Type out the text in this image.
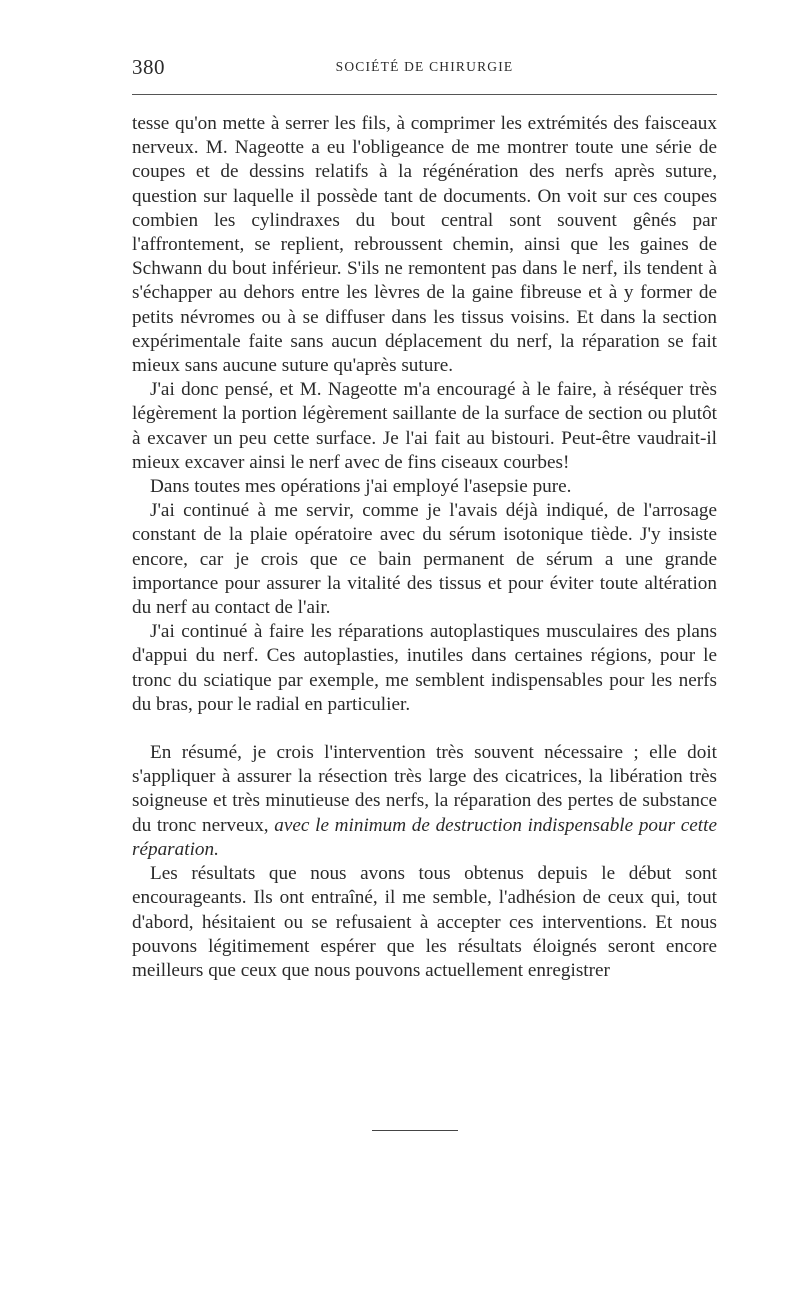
380	SOCIÉTÉ DE CHIRURGIE

tesse qu'on mette à serrer les fils, à comprimer les extrémités des faisceaux nerveux. M. Nageotte a eu l'obligeance de me montrer toute une série de coupes et de dessins relatifs à la régénération des nerfs après suture, question sur laquelle il possède tant de documents. On voit sur ces coupes combien les cylindraxes du bout central sont souvent gênés par l'affrontement, se replient, rebroussent chemin, ainsi que les gaines de Schwann du bout inférieur. S'ils ne remontent pas dans le nerf, ils tendent à s'échapper au dehors entre les lèvres de la gaine fibreuse et à y former de petits névromes ou à se diffuser dans les tissus voisins. Et dans la section expérimentale faite sans aucun déplacement du nerf, la réparation se fait mieux sans aucune suture qu'après suture.

J'ai donc pensé, et M. Nageotte m'a encouragé à le faire, à réséquer très légèrement la portion légèrement saillante de la surface de section ou plutôt à excaver un peu cette surface. Je l'ai fait au bistouri. Peut-être vaudrait-il mieux excaver ainsi le nerf avec de fins ciseaux courbes!

Dans toutes mes opérations j'ai employé l'asepsie pure.

J'ai continué à me servir, comme je l'avais déjà indiqué, de l'arrosage constant de la plaie opératoire avec du sérum isotonique tiède. J'y insiste encore, car je crois que ce bain permanent de sérum a une grande importance pour assurer la vitalité des tissus et pour éviter toute altération du nerf au contact de l'air.

J'ai continué à faire les réparations autoplastiques musculaires des plans d'appui du nerf. Ces autoplasties, inutiles dans certaines régions, pour le tronc du sciatique par exemple, me semblent indispensables pour les nerfs du bras, pour le radial en particulier.

En résumé, je crois l'intervention très souvent nécessaire ; elle doit s'appliquer à assurer la résection très large des cicatrices, la libération très soigneuse et très minutieuse des nerfs, la réparation des pertes de substance du tronc nerveux, avec le minimum de destruction indispensable pour cette réparation.

Les résultats que nous avons tous obtenus depuis le début sont encourageants. Ils ont entraîné, il me semble, l'adhésion de ceux qui, tout d'abord, hésitaient ou se refusaient à accepter ces interventions. Et nous pouvons légitimement espérer que les résultats éloignés seront encore meilleurs que ceux que nous pouvons actuellement enregistrer
